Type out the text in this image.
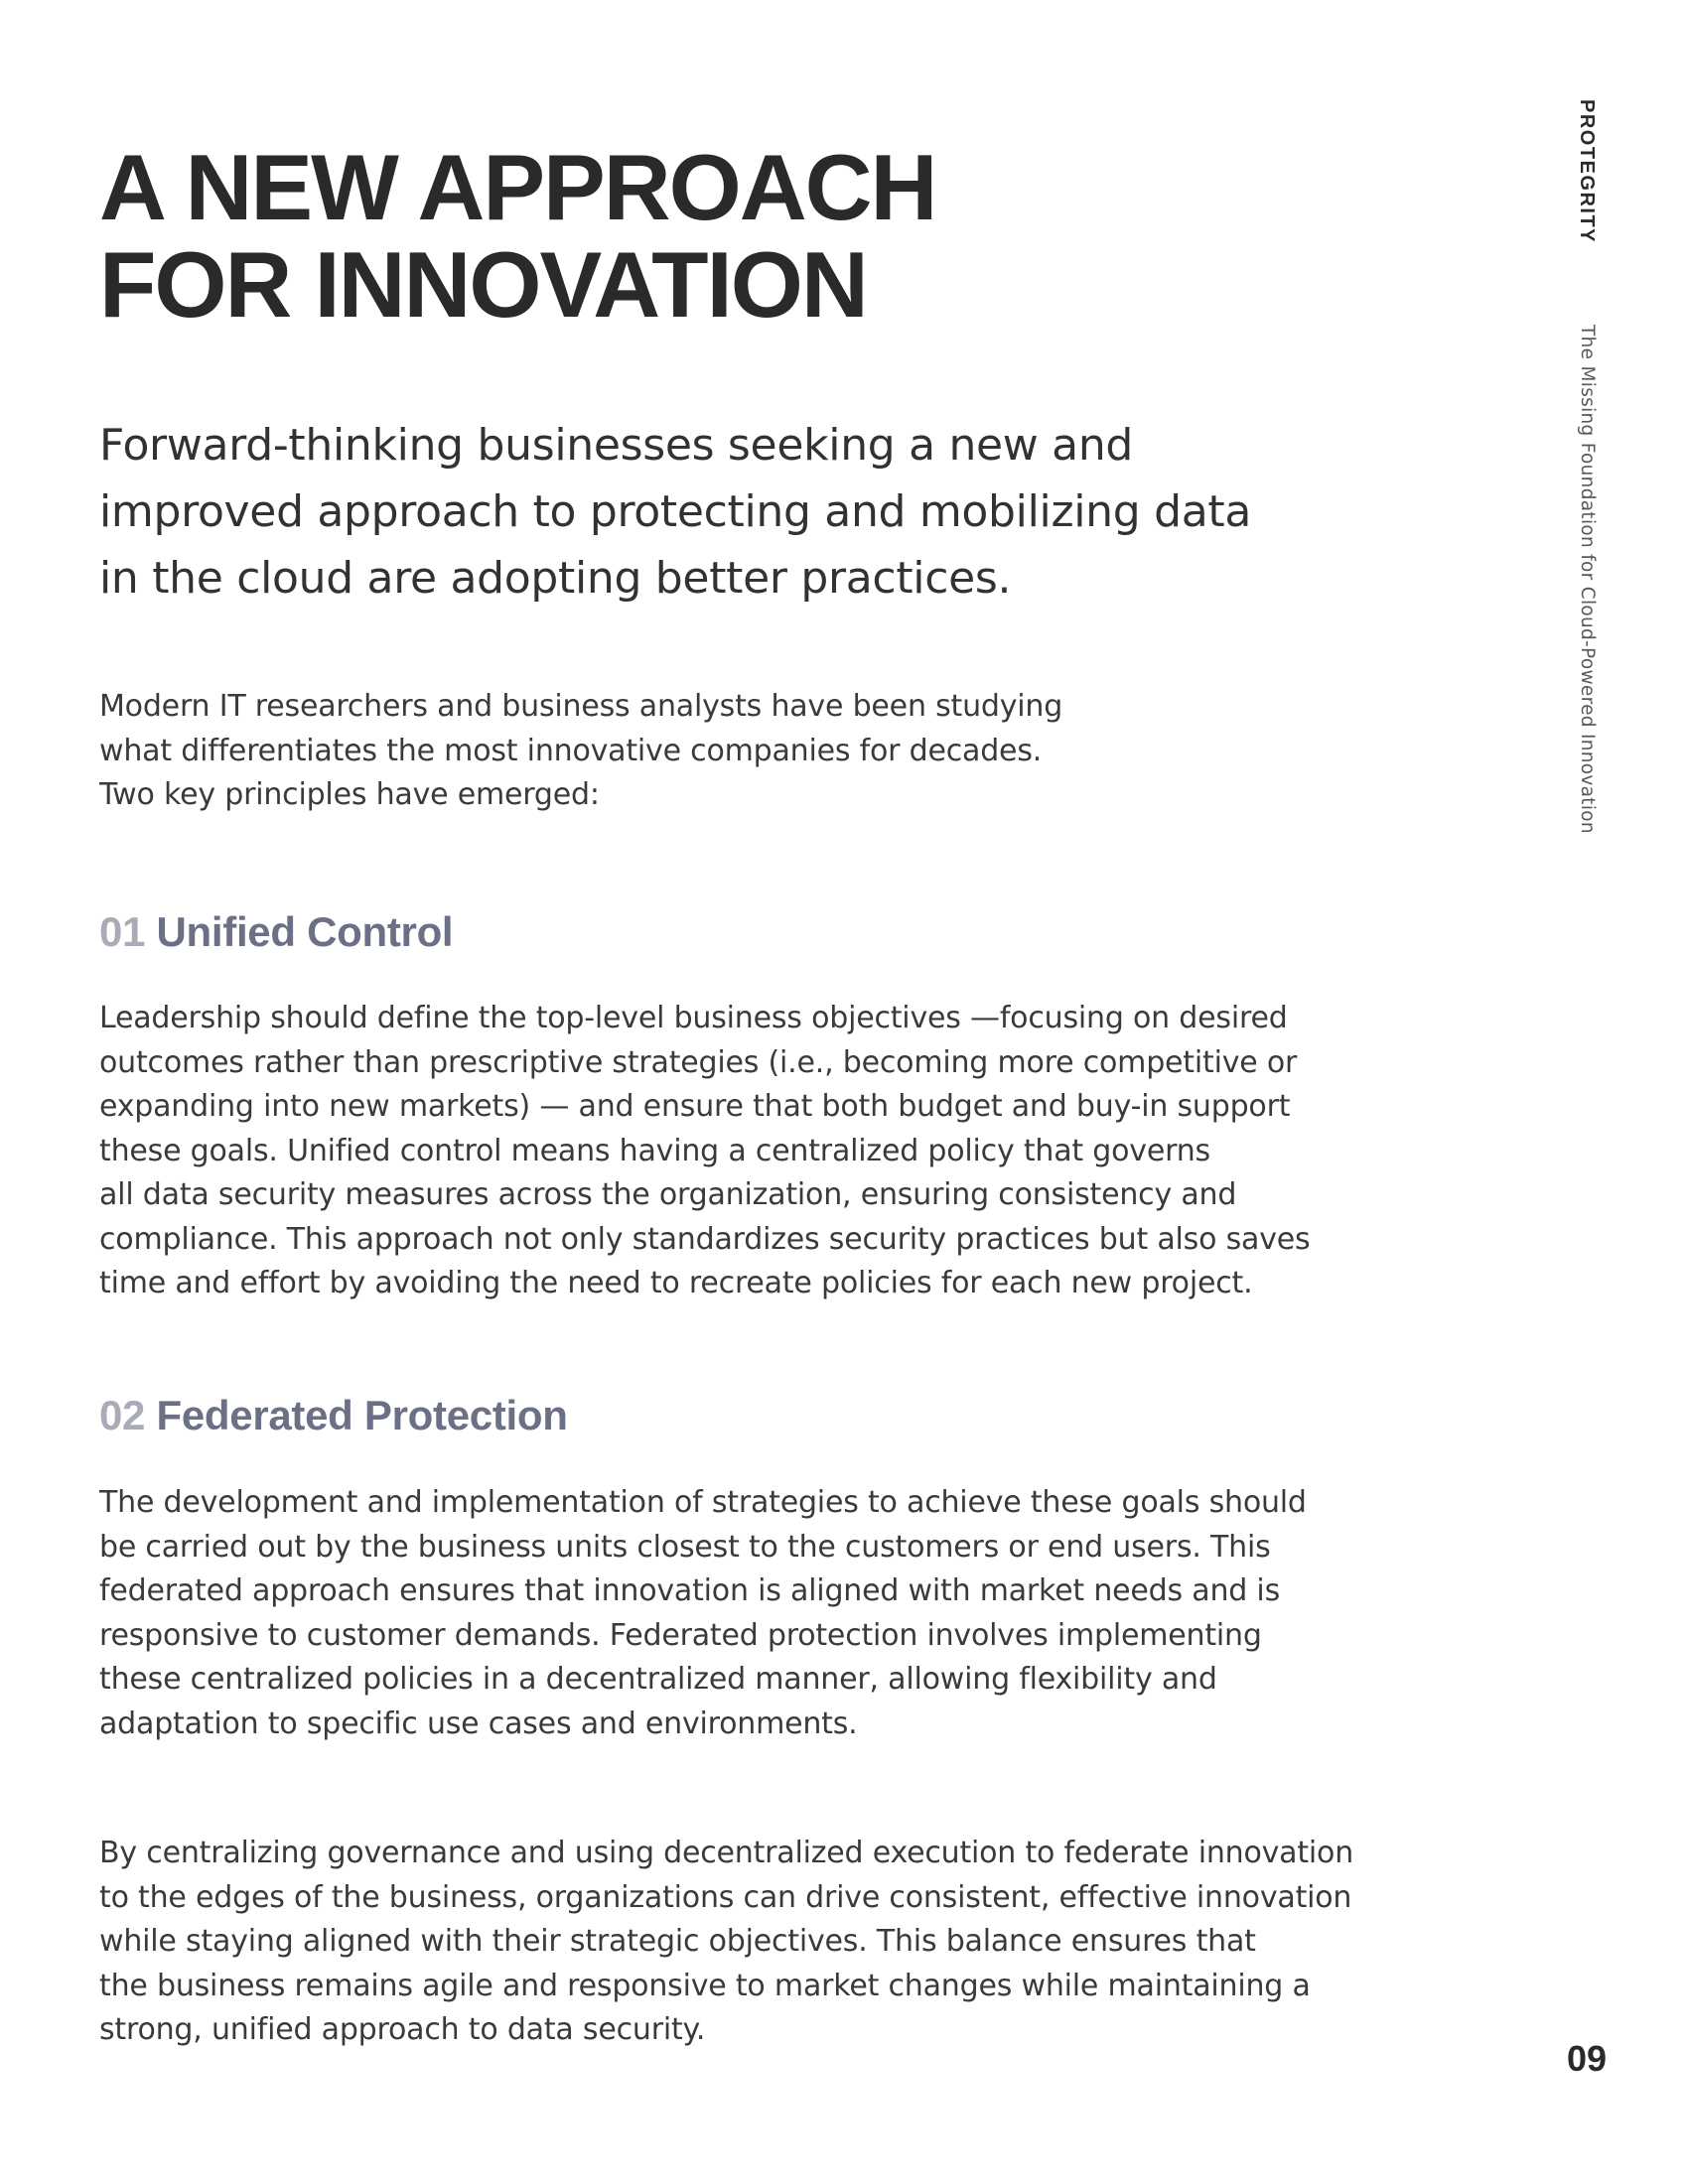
A NEW APPROACH
FOR INNOVATION

Forward-thinking businesses seeking a new and
improved approach to protecting and mobilizing data
in the cloud are adopting better practices.

Modern IT researchers and business analysts have been studying
what differentiates the most innovative companies for decades.
Two key principles have emerged:

01 Unified Control

Leadership should define the top-level business objectives —focusing on desired
outcomes rather than prescriptive strategies (i.e., becoming more competitive or
expanding into new markets) — and ensure that both budget and buy-in support
these goals. Unified control means having a centralized policy that governs
all data security measures across the organization, ensuring consistency and
compliance. This approach not only standardizes security practices but also saves
time and effort by avoiding the need to recreate policies for each new project.

02 Federated Protection

The development and implementation of strategies to achieve these goals should
be carried out by the business units closest to the customers or end users. This
federated approach ensures that innovation is aligned with market needs and is
responsive to customer demands. Federated protection involves implementing
these centralized policies in a decentralized manner, allowing flexibility and
adaptation to specific use cases and environments.

By centralizing governance and using decentralized execution to federate innovation
to the edges of the business, organizations can drive consistent, effective innovation
while staying aligned with their strategic objectives. This balance ensures that
the business remains agile and responsive to market changes while maintaining a
strong, unified approach to data security.

PROTEGRITY
The Missing Foundation for Cloud-Powered Innovation
09
